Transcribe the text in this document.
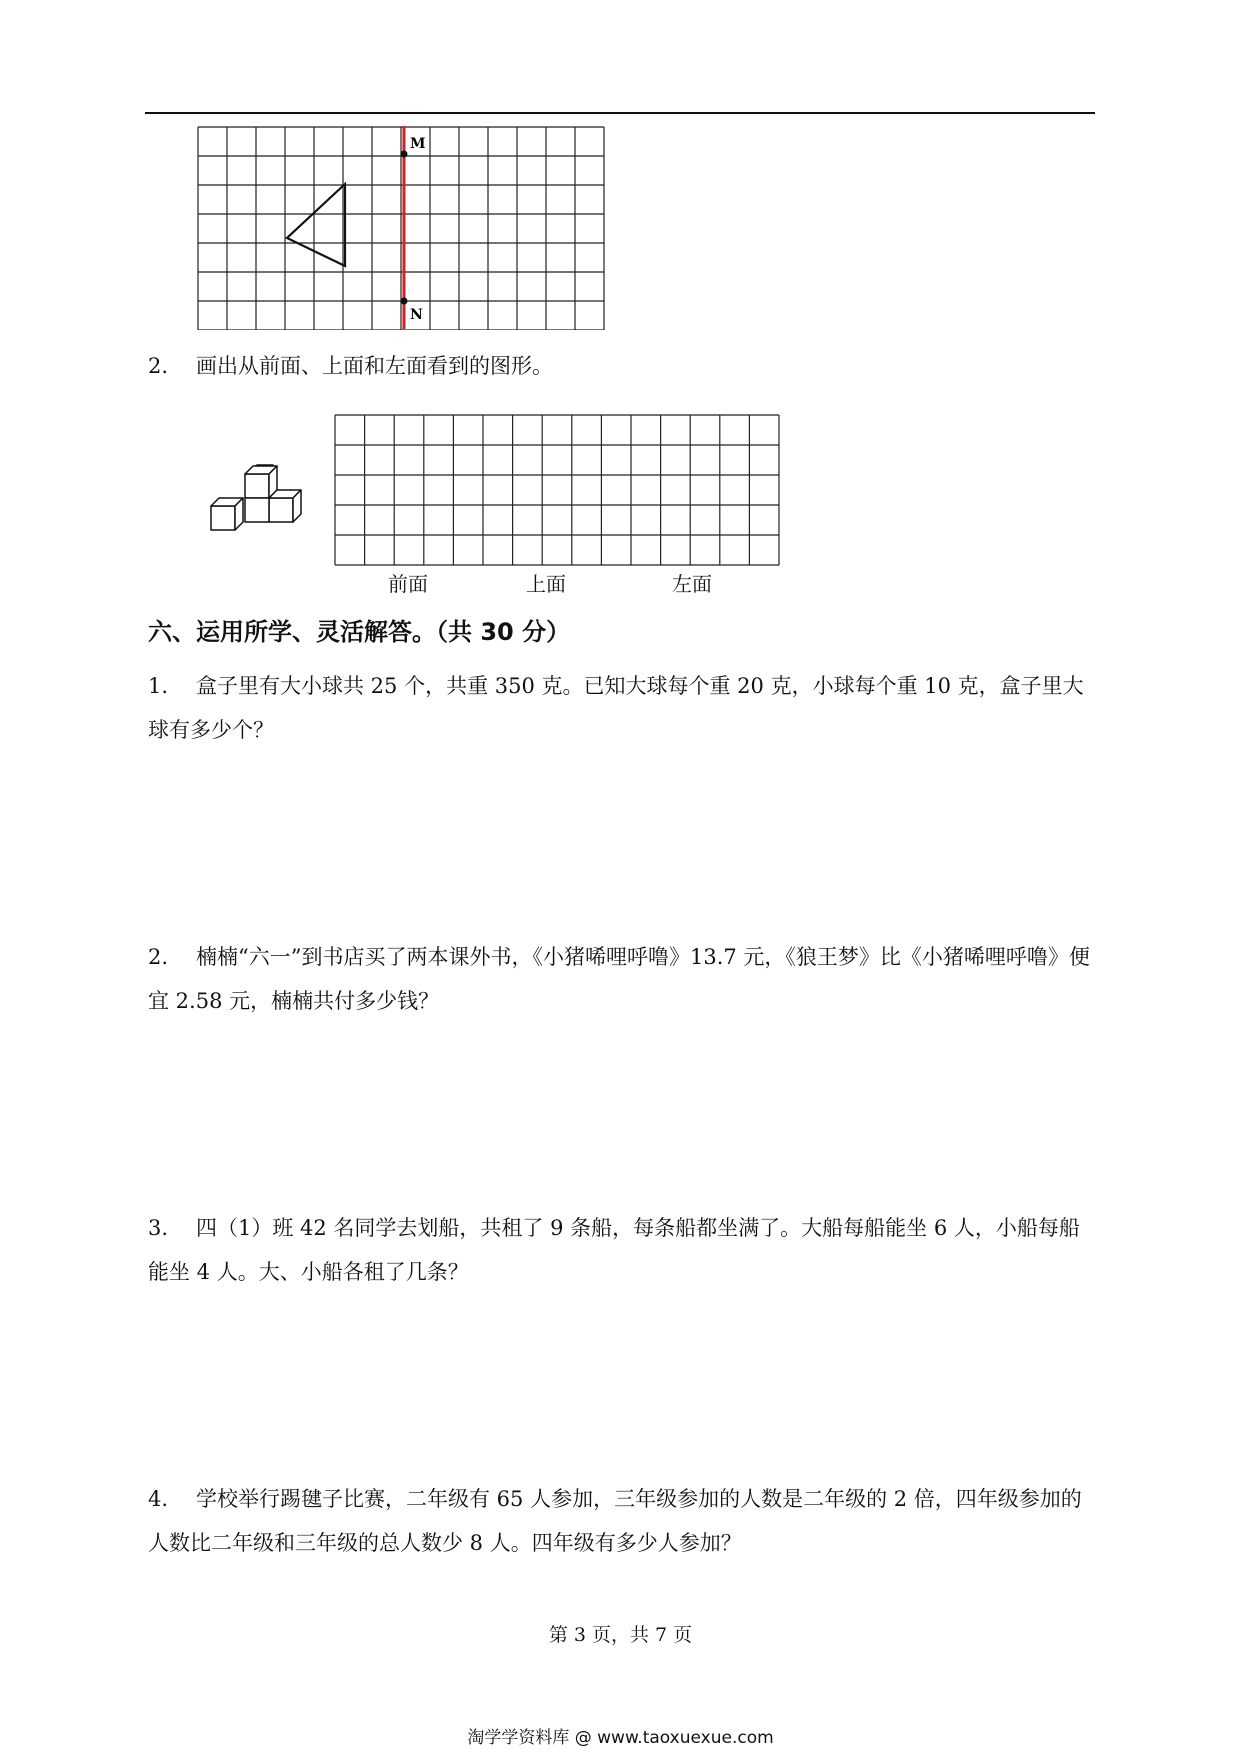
M
N
2. 画出从前面、上面和左面看到的图形。
前面	上面	左面
六、运用所学、灵活解答。（共 30 分）

1. 盒子里有大小球共 25 个，共重 350 克。已知大球每个重 20 克，小球每个重 10 克，盒子里大球有多少个？

2. 楠楠“六一”到书店买了两本课外书，《小猪唏哩呼噜》13.7 元，《狼王梦》比《小猪唏哩呼噜》便宜 2.58 元，楠楠共付多少钱？

3. 四（1）班 42 名同学去划船，共租了 9 条船，每条船都坐满了。大船每船能坐 6 人，小船每船能坐 4 人。大、小船各租了几条？

4. 学校举行踢毽子比赛，二年级有 65 人参加，三年级参加的人数是二年级的 2 倍，四年级参加的人数比二年级和三年级的总人数少 8 人。四年级有多少人参加？

第 3 页，共 7 页
淘学学资料库 @ www.taoxuexue.com
